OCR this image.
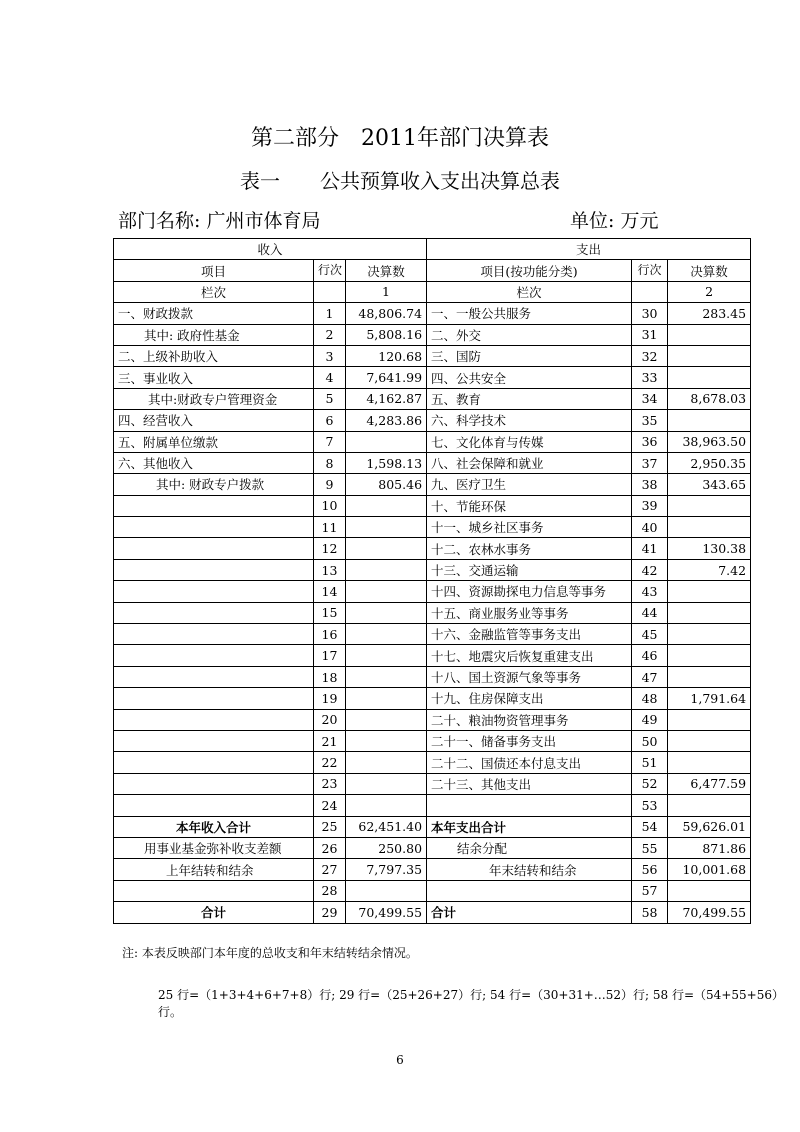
第二部分　2011年部门决算表
表一　　公共预算收入支出决算总表
部门名称: 广州市体育局	单位: 万元
收入			支出		
项目	行次	决算数	项目(按功能分类)	行次	决算数
栏次		1	栏次		2
一、财政拨款	1	48,806.74	一、一般公共服务	30	283.45
其中: 政府性基金	2	5,808.16	二、外交	31	
二、上级补助收入	3	120.68	三、国防	32	
三、事业收入	4	7,641.99	四、公共安全	33	
其中:财政专户管理资金	5	4,162.87	五、教育	34	8,678.03
四、经营收入	6	4,283.86	六、科学技术	35	
五、附属单位缴款	7		七、文化体育与传媒	36	38,963.50
六、其他收入	8	1,598.13	八、社会保障和就业	37	2,950.35
其中: 财政专户拨款	9	805.46	九、医疗卫生	38	343.65
	10		十、节能环保	39	
	11		十一、城乡社区事务	40	
	12		十二、农林水事务	41	130.38
	13		十三、交通运输	42	7.42
	14		十四、资源勘探电力信息等事务	43	
	15		十五、商业服务业等事务	44	
	16		十六、金融监管等事务支出	45	
	17		十七、地震灾后恢复重建支出	46	
	18		十八、国土资源气象等事务	47	
	19		十九、住房保障支出	48	1,791.64
	20		二十、粮油物资管理事务	49	
	21		二十一、储备事务支出	50	
	22		二十二、国债还本付息支出	51	
	23		二十三、其他支出	52	6,477.59
	24			53	
本年收入合计	25	62,451.40	本年支出合计	54	59,626.01
用事业基金弥补收支差额	26	250.80	结余分配	55	871.86
上年结转和结余	27	7,797.35	年末结转和结余	56	10,001.68
	28			57	
合计	29	70,499.55	合计	58	70,499.55
注: 本表反映部门本年度的总收支和年末结转结余情况。
25 行=（1+3+4+6+7+8）行; 29 行=（25+26+27）行; 54 行=（30+31+…52）行; 58 行=（54+55+56）行。
6
